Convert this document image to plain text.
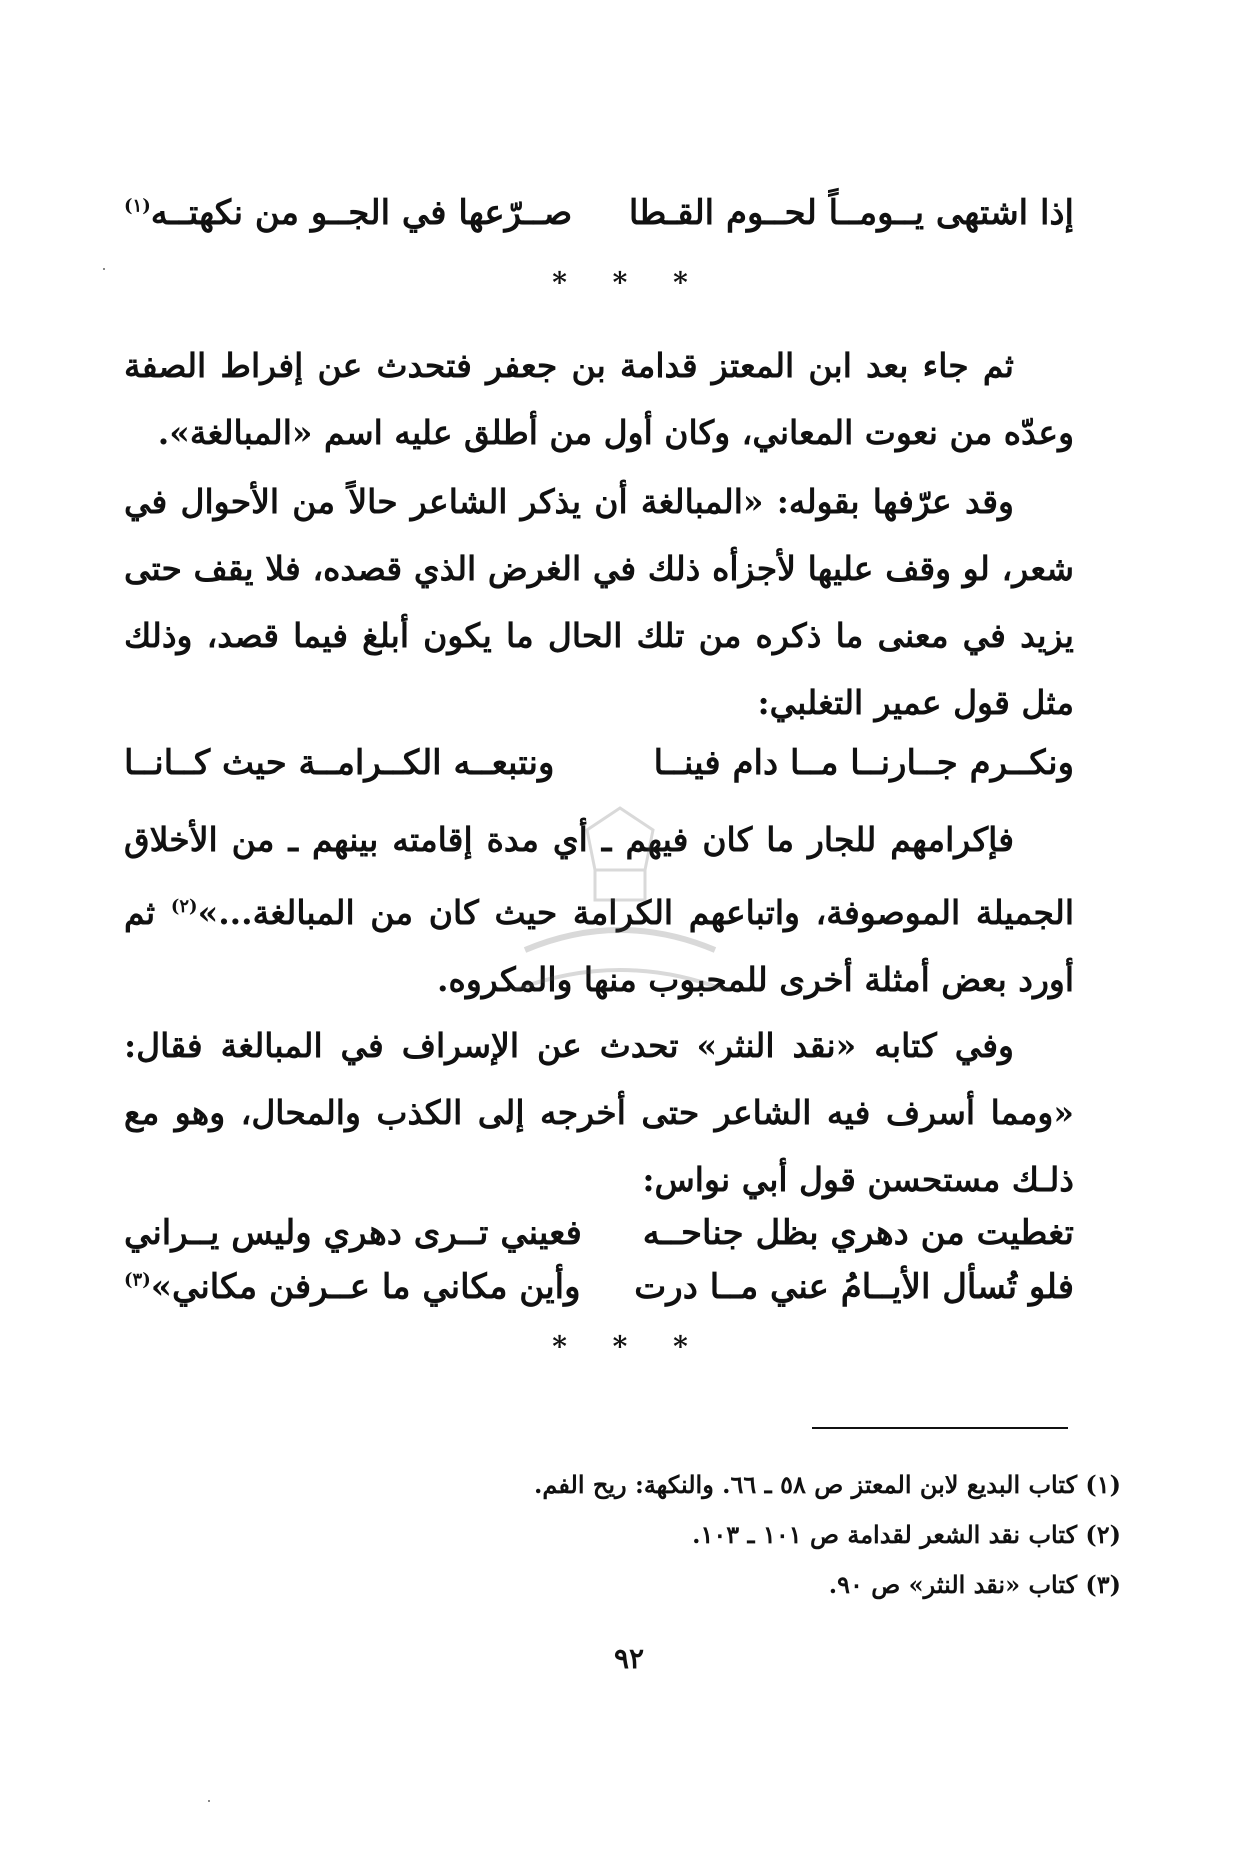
إذا اشتهى يــومــاً لحــوم القـطا
صــرّعها في الجــو من نكهتــه$^{(١)}$
* * *
ثم جاء بعد ابن المعتز قدامة بن جعفر فتحدث عن إفراط الصفة وعدّه من نعوت المعاني، وكان أول من أطلق عليه اسم «المبالغة».
وقد عرّفها بقوله: «المبالغة أن يذكر الشاعر حالاً من الأحوال في شعر، لو وقف عليها لأجزأه ذلك في الغرض الذي قصده، فلا يقف حتى يزيد في معنى ما ذكره من تلك الحال ما يكون أبلغ فيما قصد، وذلك مثل قول عمير التغلبي:
ونكــرم جــارنــا مــا دام فينــا
ونتبعــه الكــرامــة حيث كــانــا
فإكرامهم للجار ما كان فيهم ـ أي مدة إقامته بينهم ـ من الأخلاق الجميلة الموصوفة، واتباعهم الكرامة حيث كان من المبالغة...»$^{(٢)}$ ثم أورد بعض أمثلة أخرى للمحبوب منها والمكروه.
وفي كتابه «نقد النثر» تحدث عن الإسراف في المبالغة فقال: «ومما أسرف فيه الشاعر حتى أخرجه إلى الكذب والمحال، وهو مع ذلـك مستحسن قول أبي نواس:
تغطيت من دهري بظل جناحــه
فعيني تــرى دهري وليس يــراني
فلو تُسأل الأيــامُ عني مــا درت
وأين مكاني ما عــرفن مكاني»$^{(٣)}$
* * *
(١) كتاب البديع لابن المعتز ص ٥٨ ـ ٦٦. والنكهة: ريح الفم.
(٢) كتاب نقد الشعر لقدامة ص ١٠١ ـ ١٠٣.
(٣) كتاب «نقد النثر» ص ٩٠.
٩٢
